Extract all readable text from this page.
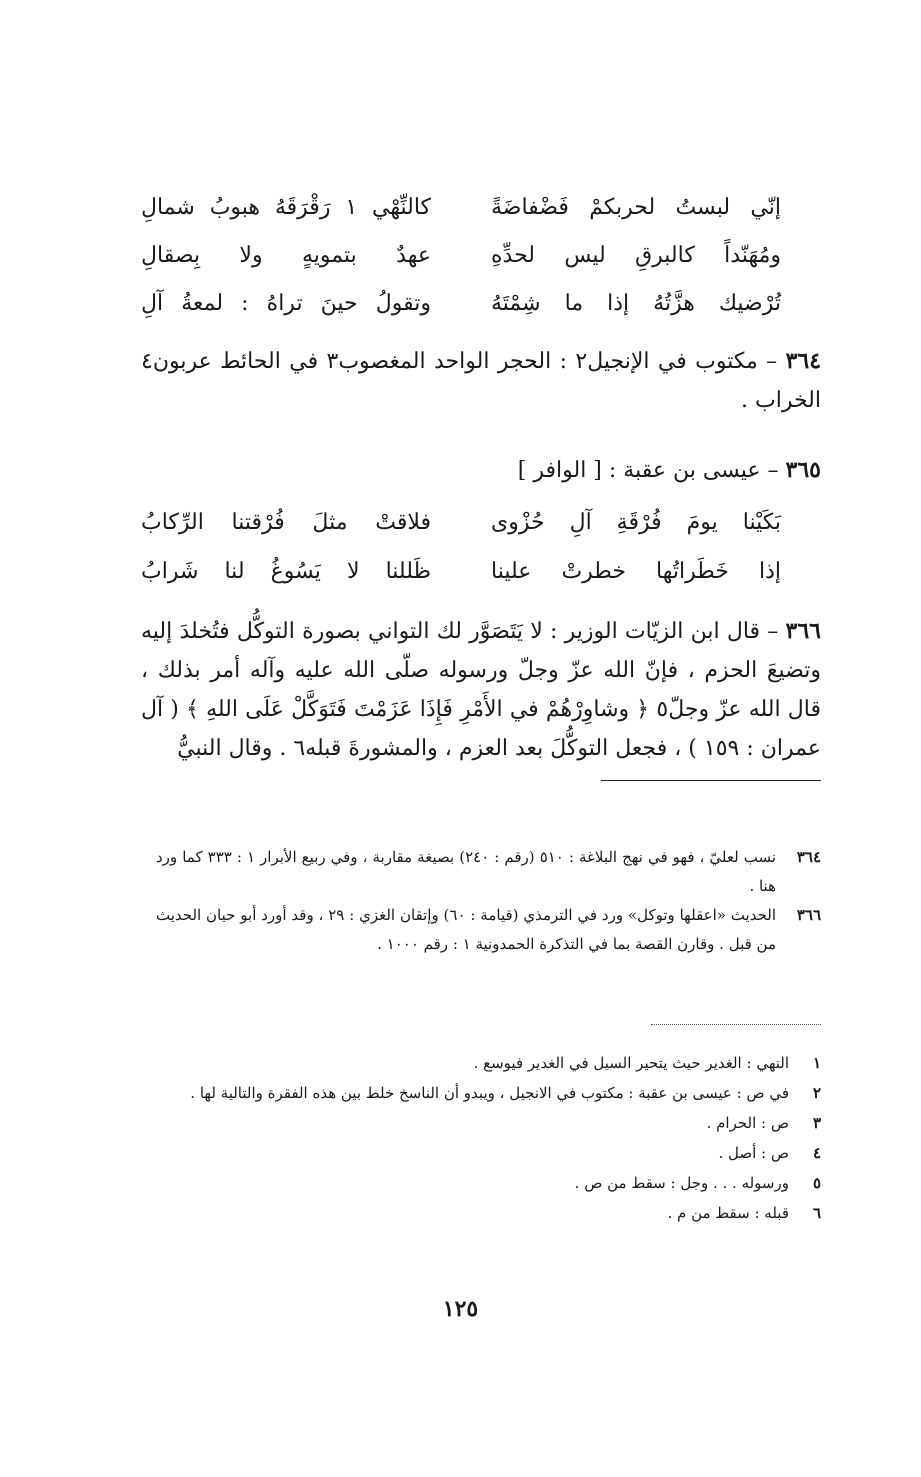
إنّي لبستُ لحربكمْ فَضْفاضَةً
كالنِّهْي ١ رَقْرَقَهُ هبوبُ شمالِ
ومُهَنّداً كالبرقِ ليس لحدِّهِ
عهدٌ بتمويهٍ ولا بِصقالِ
تُرْضيك هزَّتُهُ إذا ما شِمْتَهُ
وتقولُ حينَ تراهُ : لمعةُ آلِ
٣٦٤ – مكتوب في الإنجيل٢ : الحجر الواحد المغصوب٣ في الحائط عربون٤ الخراب .
٣٦٥ – عيسى بن عقبة : [ الوافر ]
بَكَيْنا يومَ فُرْقَةِ آلِ حُزْوى
فلاقتْ مثلَ فُرْقتنا الرِّكابُ
إذا خَطَراتُها خطرتْ علينا
ظَللنا لا يَسُوغُ لنا شَرابُ
٣٦٦ – قال ابن الزيّات الوزير : لا يَتَصَوَّر لك التواني بصورة التوكُّل فتُخلدَ إليه وتضيعَ الحزم ، فإنّ الله عزّ وجلّ ورسوله صلّى الله عليه وآله أمر بذلك ، قال الله عزّ وجلّ٥ ﴿ وشاوِرْهُمْ في الأَمْرِ فَإِذَا عَزَمْتَ فَتَوَكَّلْ عَلَى اللهِ ﴾ ( آل عمران : ١٥٩ ) ، فجعل التوكُّلَ بعد العزم ، والمشورةَ قبله٦ . وقال النبيُّ
٣٦٤
نسب لعليّ ، فهو في نهج البلاغة : ٥١٠ (رقم : ٢٤٠) بصيغة مقاربة ، وفي ربيع الأبرار ١ : ٣٣٣ كما ورد هنا .
٣٦٦
الحديث «اعقلها وتوكل» ورد في الترمذي (قيامة : ٦٠) وإتقان الغزي : ٢٩ ، وقد أورد أبو حيان الحديث من قبل . وقارن القصة بما في التذكرة الحمدونية ١ : رقم ١٠٠٠ .
١
النهي : الغدير حيث يتحير السيل في الغدير فيوسع .
٢
في ص : عيسى بن عقبة : مكتوب في الانجيل ، ويبدو أن الناسخ خلط بين هذه الفقرة والتالية لها .
٣
ص : الحرام .
٤
ص : أصل .
٥
ورسوله . . . وجل : سقط من ص .
٦
قبله : سقط من م .
١٢٥
